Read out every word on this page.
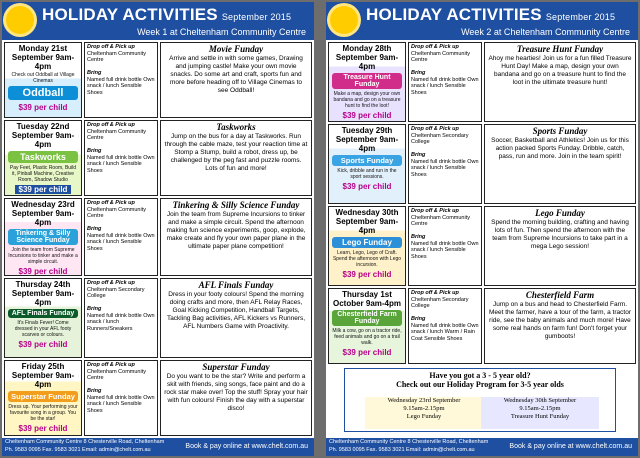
HOLIDAY ACTIVITIES September 2015
Week 1 at Cheltenham Community Centre
Monday 21st September 9am-4pm
Check out Oddball at Village Cinemas
Oddball
$39 per child
Drop off & Pick up
Cheltenham Community Centre

Bring
Named full drink bottle Own snack / lunch Sensible Shoes
Movie Funday
Arrive and settle in with some games, Drawing and jumping castle! Make your own movie snacks. Do some art and craft, sports fun and more before heading off to Village Cinemas to see Oddball!
Tuesday 22nd September 9am-4pm
Taskworks
Pay Feet, Plastic Room, Build it, Pinball Machine, Creative Room, Shadow Studio
$39 per child
Drop off & Pick up
Cheltenham Community Centre

Bring
Named full drink bottle Own snack / lunch Sensible Shoes
Taskworks
Jump on the bus for a day at Taskworks. Run through the cable maze, test your reaction time at Stomp a Stump, build a robot, dress up, be challenged by the peg fast and puzzle rooms. Lots of fun and more!
Wednesday 23rd September 9am-4pm
Tinkering & Silly Science Funday
Join the team from Supreme Incursions to tinker and make a simple circuit.
$39 per child
Drop off & Pick up
Cheltenham Community Centre

Bring
Named full drink bottle Own snack / lunch Sensible Shoes
Tinkering & Silly Science Funday
Join the team from Supreme Incursions to tinker and make a simple circuit. Spend the afternoon making fun science experiments, goop, explode, make create and fly your own paper plane in the ultimate paper plane competition!
Thursday 24th September 9am-4pm
AFL Finals Funday
It's Finals Fever! Come dressed in your AFL footy scarves or colours.
$39 per child
Drop off & Pick up
Cheltenham Secondary College

Bring
Named full drink bottle Own snack / lunch Runners/Sneakers
AFL Finals Funday
Dress in your footy colours! Spend the morning doing crafts and more, then AFL Relay Races, Goal Kicking Competition, Handball Targets, Tackling Bag activities, AFL Kickers vs Runners, AFL Numbers Game with Proactivity.
Friday 25th September 9am-4pm
Superstar Funday
Dress up. Your performing your favourite song in a group. You be the star!
$39 per child
Drop off & Pick up
Cheltenham Community Centre

Bring
Named full drink bottle Own snack / lunch Sensible Shoes
Superstar Funday
Do you want to be the star? Write and perform a skit with friends, sing songs, face paint and do a rock star make over! Top the stuff! Spray your hair with fun colours! Finish the day with a superstar disco!
Cheltenham Community Centre 8 Chesterville Road, Cheltenham
Ph. 9583 0095 Fax. 9583 3021 Email: admin@chelt.com.au	Book & pay online at www.chelt.com.au
HOLIDAY ACTIVITIES September 2015
Week 2 at Cheltenham Community Centre
Monday 28th September 9am-4pm
Treasure Hunt Funday
Make a map, design your own bandana and go on a treasure hunt to find the loot!
$39 per child
Drop off & Pick up
Cheltenham Community Centre

Bring
Named full drink bottle Own snack / lunch Sensible Shoes
Treasure Hunt Funday
Ahoy me hearties! Join us for a fun filled Treasure Hunt Day! Make a map, design your own bandana and go on a treasure hunt to find the loot in the ultimate treasure hunt!
Tuesday 29th September 9am-4pm
Sports Funday
Kick, dribble and run in the sport sessions.
$39 per child
Drop off & Pick up
Cheltenham Secondary College

Bring
Named full drink bottle Own snack / lunch Sensible Shoes
Sports Funday
Soccer, Basketball and Athletics! Join us for this action packed Sports Funday. Dribble, catch, pass, run and more. Join in the team spirit!
Wednesday 30th September 9am-4pm
Lego Funday
Learn, Lego, Lego of Craft. Spend the afternoon with Lego incursion.
$39 per child
Drop off & Pick up
Cheltenham Community Centre

Bring
Named full drink bottle Own snack / lunch Sensible Shoes
Lego Funday
Spend the morning building, crafting and having lots of fun. Then spend the afternoon with the team from Supreme Incursions to take part in a mega Lego session!
Thursday 1st October 9am-4pm
Chesterfield Farm Funday
Milk a cow, go on a tractor ride, feed animals and go on a trail walk.
$39 per child
Drop off & Pick up
Cheltenham Secondary College

Bring
Named full drink bottle Own snack / lunch Warm / Rain Coat Sensible Shoes
Chesterfield Farm
Jump on a bus and head to Chesterfield Farm. Meet the farmer, have a tour of the farm, a tractor ride, see the baby animals and much more! Have some real hands on farm fun! Don't forget your gumboots!
Have you got a 3 - 5 year old?
Check out our Holiday Program for 3-5 year olds
Wednesday 23rd September
9.15am-2.15pm
Lego Funday
Wednesday 30th September
9.15am-2.15pm
Treasure Hunt Funday
Cheltenham Community Centre 8 Chesterville Road, Cheltenham
Ph. 9583 0095 Fax. 9583 3021 Email: admin@chelt.com.au	Book & pay online at www.chelt.com.au
